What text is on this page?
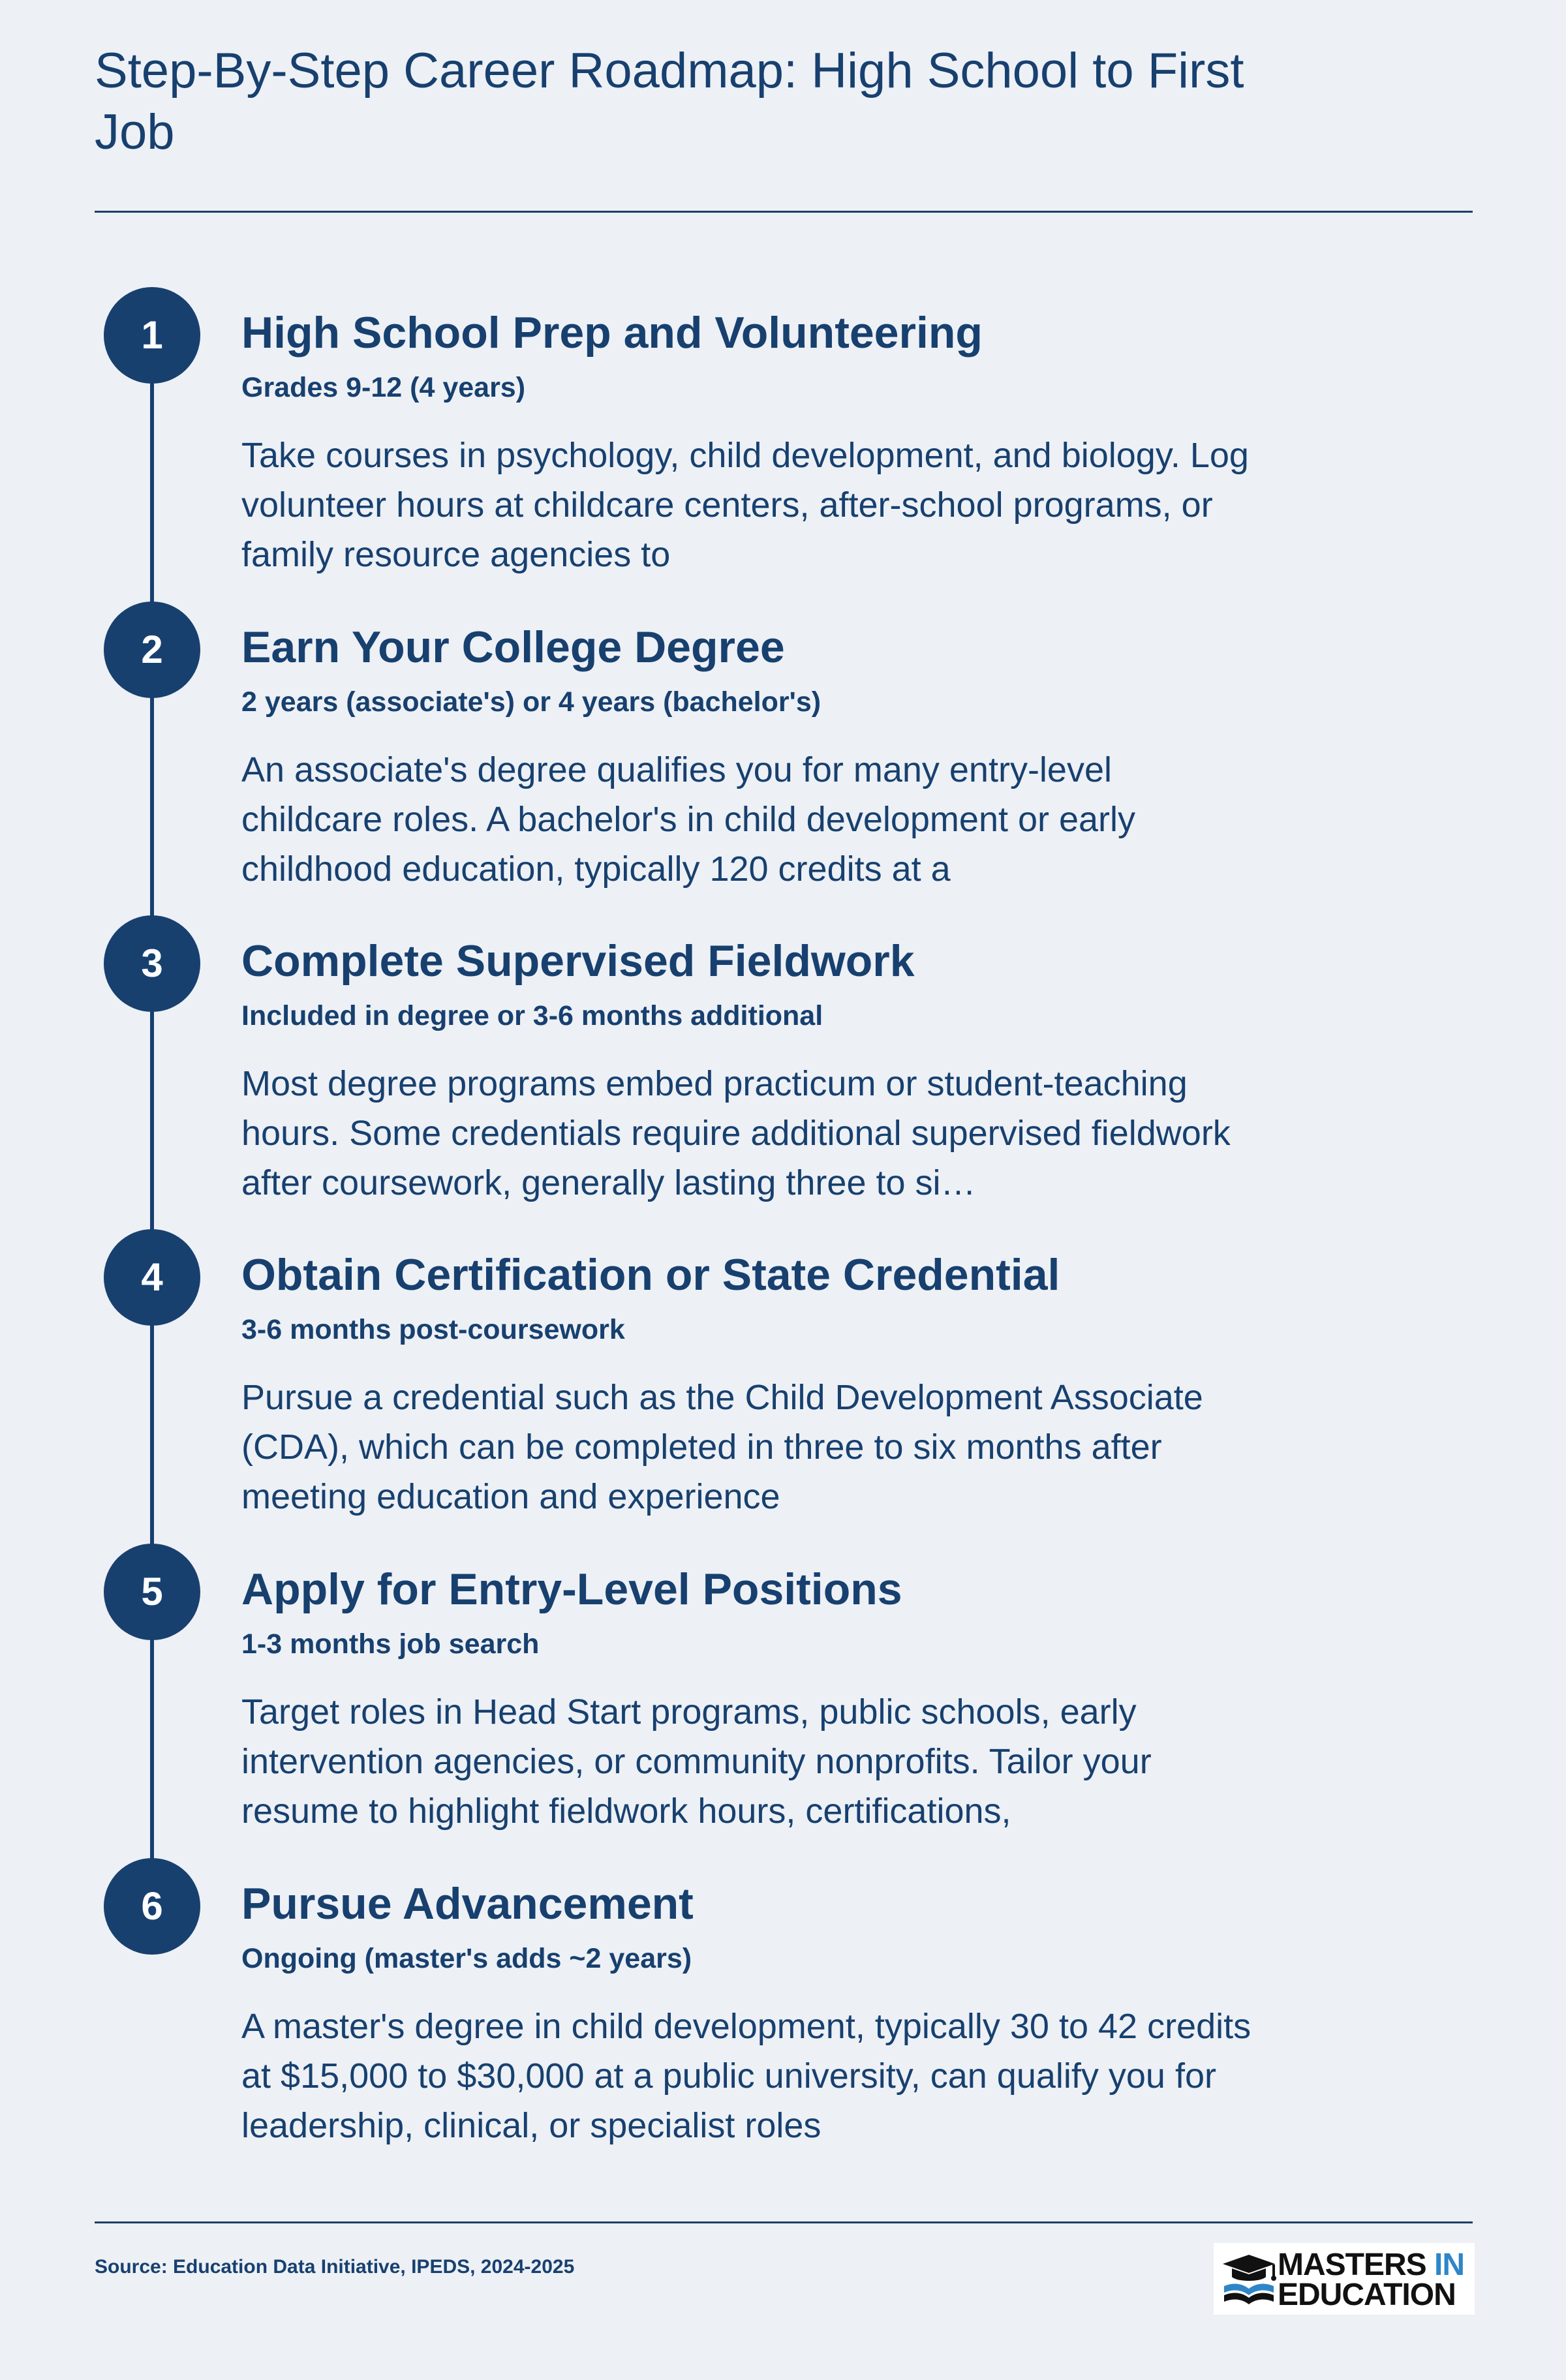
Step-By-Step Career Roadmap: High School to First Job
1	High School Prep and Volunteering
Grades 9-12 (4 years)
Take courses in psychology, child development, and biology. Log volunteer hours at childcare centers, after-school programs, or family resource agencies to
2	Earn Your College Degree
2 years (associate's) or 4 years (bachelor's)
An associate's degree qualifies you for many entry-level childcare roles. A bachelor's in child development or early childhood education, typically 120 credits at a
3	Complete Supervised Fieldwork
Included in degree or 3-6 months additional
Most degree programs embed practicum or student-teaching hours. Some credentials require additional supervised fieldwork after coursework, generally lasting three to si…
4	Obtain Certification or State Credential
3-6 months post-coursework
Pursue a credential such as the Child Development Associate (CDA), which can be completed in three to six months after meeting education and experience
5	Apply for Entry-Level Positions
1-3 months job search
Target roles in Head Start programs, public schools, early intervention agencies, or community nonprofits. Tailor your resume to highlight fieldwork hours, certifications,
6	Pursue Advancement
Ongoing (master's adds ~2 years)
A master's degree in child development, typically 30 to 42 credits at $15,000 to $30,000 at a public university, can qualify you for leadership, clinical, or specialist roles
Source: Education Data Initiative, IPEDS, 2024-2025	MASTERS IN
EDUCATION
